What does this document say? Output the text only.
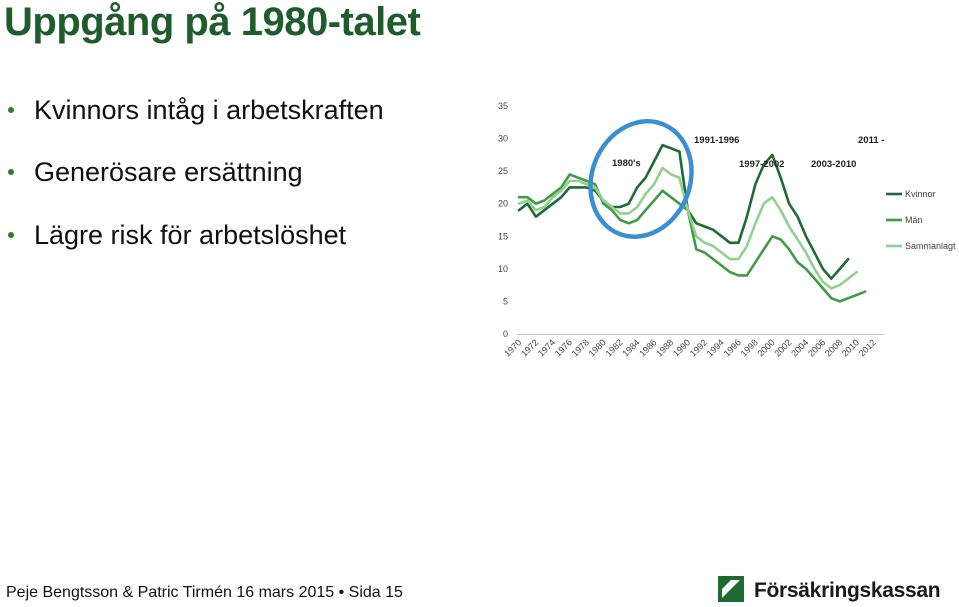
Uppgång på 1980-talet
Kvinnors intåg i arbetskraften
Generösare ersättning
Lägre risk för arbetslöshet
0
5
10
15
20
25
30
35
1970
1972
1974
1976
1978
1980
1982
1984
1986
1988
1990
1992
1994
1996
1998
2000
2002
2004
2006
2008
2010
2012
Kvinnor
Män
Sammanlagt
1980's
1991-1996
1997-2002	2003-2010
2011 -
Peje Bengtsson & Patric Tirmén 16 mars 2015 • Sida 15	Försäkringskassan
